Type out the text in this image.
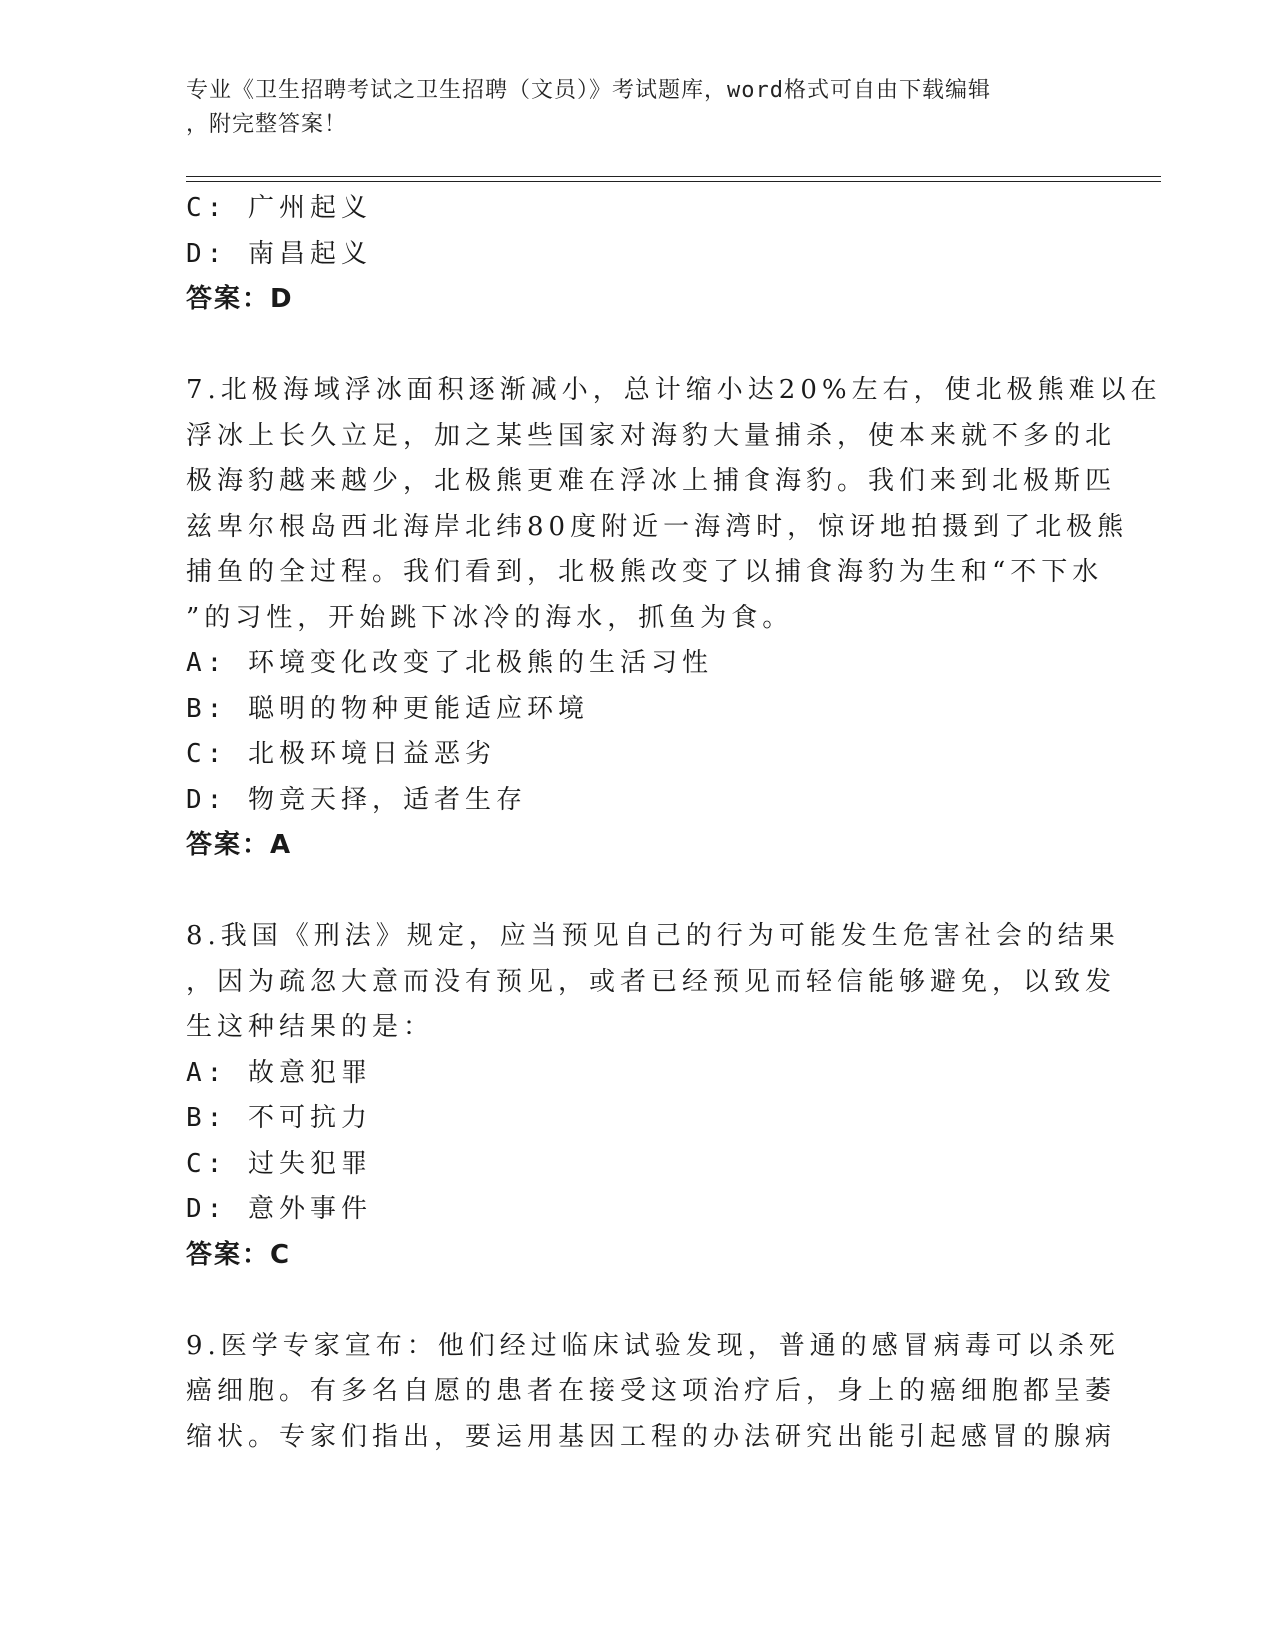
专业《卫生招聘考试之卫生招聘（文员）》考试题库，word格式可自由下载编辑
，附完整答案！
C: 广州起义
D: 南昌起义
答案：D
7.北极海域浮冰面积逐渐减小，总计缩小达20%左右，使北极熊难以在
浮冰上长久立足，加之某些国家对海豹大量捕杀，使本来就不多的北
极海豹越来越少，北极熊更难在浮冰上捕食海豹。我们来到北极斯匹
兹卑尔根岛西北海岸北纬80度附近一海湾时，惊讶地拍摄到了北极熊
捕鱼的全过程。我们看到，北极熊改变了以捕食海豹为生和“不下水
”的习性，开始跳下冰冷的海水，抓鱼为食。
A: 环境变化改变了北极熊的生活习性
B: 聪明的物种更能适应环境
C: 北极环境日益恶劣
D: 物竞天择，适者生存
答案：A
8.我国《刑法》规定，应当预见自己的行为可能发生危害社会的结果
，因为疏忽大意而没有预见，或者已经预见而轻信能够避免，以致发
生这种结果的是：
A: 故意犯罪
B: 不可抗力
C: 过失犯罪
D: 意外事件
答案：C
9.医学专家宣布：他们经过临床试验发现，普通的感冒病毒可以杀死
癌细胞。有多名自愿的患者在接受这项治疗后，身上的癌细胞都呈萎
缩状。专家们指出，要运用基因工程的办法研究出能引起感冒的腺病
